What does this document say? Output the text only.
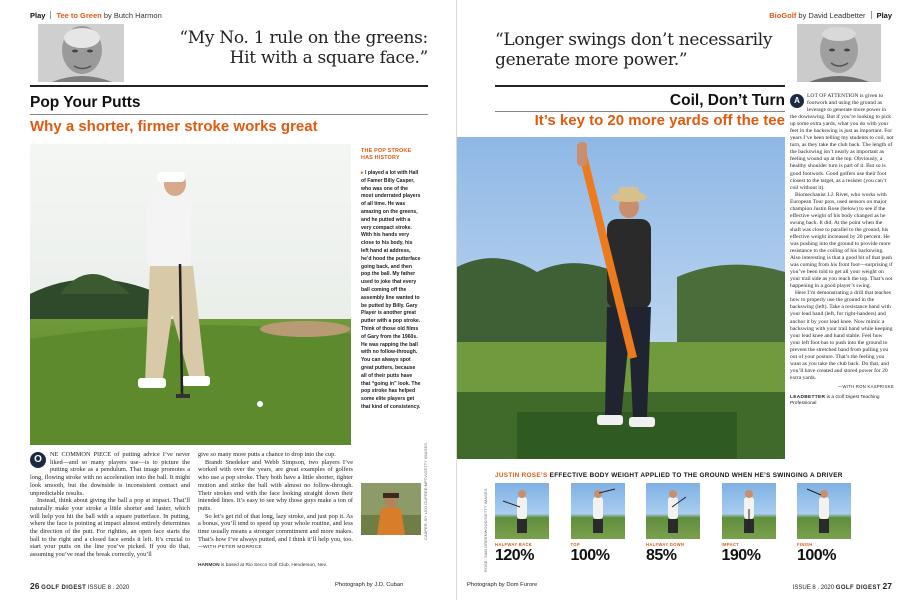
Play Tee to Green by Butch Harmon
“My No. 1 rule on the greens: Hit with a square face.”
Pop Your Putts
Why a shorter, firmer stroke works great
THE POP STROKE HAS HISTORY
▸ I played a lot with Hall of Famer Billy Casper, who was one of the most underrated players of all time. He was amazing on the greens, and he putted with a very compact stroke. With his hands very close to his body, his left hand at address, he’d hood the putterface going back, and then pop the ball. My father used to joke that every ball coming off the assembly line wanted to be putted by Billy. Gary Player is another great putter with a pop stroke. Think of those old films of Gary from the 1960s. He was rapping the ball with no follow-through. You can always spot great putters, because all of their putts have that “going in” look. The pop stroke has helped some elite players get that kind of consistency.
CASPER: BY LEO DUPREE/MPTV/GETTY IMAGES

O	NE COMMON PIECE of putting advice I’ve never liked—and so many players use—is to picture the putting stroke as a pendulum. That image promotes a long, flowing stroke with no acceleration into the ball. It might look smooth, but the downside is inconsistent contact and unpredictable results.

Instead, think about giving the ball a pop at impact. That’ll naturally make your stroke a little shorter and faster, which will help you hit the ball with a square putterface. In putting, where the face is pointing at impact almost entirely determines the direction of the putt. For righties, an open face starts the ball to the right and a closed face sends it left. It’s crucial to start your putts on the line you’ve picked. If you do that, assuming you’ve read the break correctly, you’ll

give so many more putts a chance to drop into the cup.

Brandt Snedeker and Webb Simpson, two players I’ve worked with over the years, are great examples of golfers who use a pop stroke. They both have a little shorter, tighter motion and strike the ball with almost no follow-through. Their strokes end with the face looking straight down their intended lines. It’s easy to see why those guys make a ton of putts.

So let’s get rid of that long, lazy stroke, and just pop it. As a bonus, you’ll tend to speed up your whole routine, and less time usually means a stronger commitment and more makes. That’s how I’ve always putted, and I think it’ll help you, too. —WITH PETER MORRICE

HARMON is based at Rio Secco Golf Club, Henderson, Nev.
26 GOLF DIGEST ISSUE 8 . 2020	Photograph by J.D. Cuban
BioGolf by David Leadbetter Play
“Longer swings don’t necessarily generate more power.”
Coil, Don’t Turn
It’s key to 20 more yards off the tee
ROSE: SAM GREENWOOD/GETTY IMAGES
JUSTIN ROSE’S EFFECTIVE BODY WEIGHT APPLIED TO THE GROUND WHEN HE’S SWINGING A DRIVER
HALFWAY BACK
120%
TOP
100%
HALFWAY DOWN
85%
IMPACT
190%
FINISH
100%

A	LOT OF ATTENTION is given to footwork and using the ground as leverage to generate more power in the downswing. But if you’re looking to pick up some extra yards, what you do with your feet in the backswing is just as important. For years I’ve been telling my students to coil, not turn, as they take the club back. The length of the backswing isn’t nearly as important as feeling wound up at the top. Obviously, a healthy shoulder turn is part of it. But so is good footwork. Good golfers use their foot closest to the target, as a resister (you can’t coil without it).

Biomechanist J.J. Rivet, who works with European Tour pros, used sensors on major champion Justin Rose (below) to see if the effective weight of his body changed as he swung back. It did. At the point when the shaft was close to parallel to the ground, his effective weight increased by 20 percent. He was pushing into the ground to provide more resistance to the coiling of his backswing. Also interesting is that a good bit of that push was coming from his front foot—surprising if you’ve been told to get all your weight on your trail side as you reach the top. That’s not happening in a good player’s swing.

Here I’m demonstrating a drill that teaches how to properly use the ground in the backswing (left). Take a resistance band with your lead hand (left, for right-handers) and anchor it by your lead knee. Now mimic a backswing with your trail hand while keeping your lead knee and hand stable. Feel how your left foot has to push into the ground to prevent the stretched band from pulling you out of your posture. That’s the feeling you want as you take the club back. Do that, and you’ll have created and stored power for 20 extra yards.

—WITH RON KASPRISKE
LEADBETTER is a Golf Digest Teaching Professional
Photograph by Dom Furore	ISSUE 8 . 2020 GOLF DIGEST 27
